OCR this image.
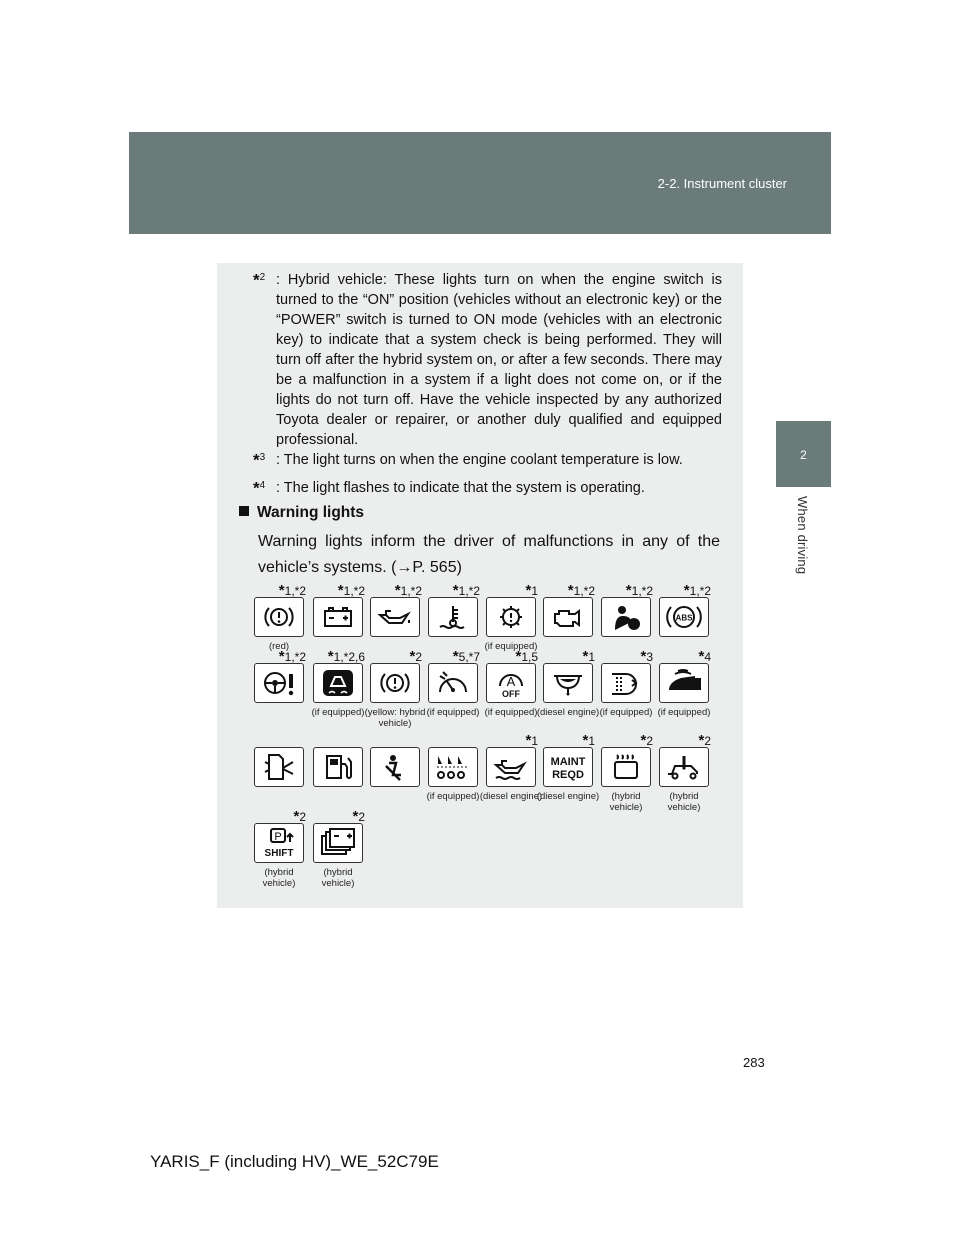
2-2. Instrument cluster
2
When driving
*$^2$ : Hybrid vehicle: These lights turn on when the engine switch is turned to the “ON” position (vehicles without an electronic key) or the “POWER” switch is turned to ON mode (vehicles with an electronic key) to indicate that a system check is being performed. They will turn off after the hybrid system on, or after a few seconds. There may be a malfunction in a system if a light does not come on, or if the lights do not turn off. Have the vehicle inspected by any authorized Toyota dealer or repairer, or another duly qualified and equipped professional.

*$^3$ : The light turns on when the engine coolant temperature is low.

*$^4$ : The light flashes to indicate that the system is operating.

Warning lights
Warning lights inform the driver of malfunctions in any of the vehicle’s systems. (→P. 565)
*1,*2
(red)
*1,*2 *1,*2 *1,*2	*1
(if equipped)
*1,*2 *1,*2
ABS
*1,*2
*1,*2 *1,*2,6
(if equipped)
*2
(yellow: hybrid vehicle)
*5,*7
(if equipped)
A
OFF
*1,5
(if equipped)
*1
(diesel engine)
*3
(if equipped)
*4
(if equipped)
(if equipped)
*1
(diesel engine)
MAINT
REQD
*1
(diesel engine)
*2
(hybrid vehicle)
*2
(hybrid vehicle)
P
SHIFT
*2
(hybrid vehicle)
*2
(hybrid vehicle)
283
YARIS_F (including HV)_WE_52C79E
